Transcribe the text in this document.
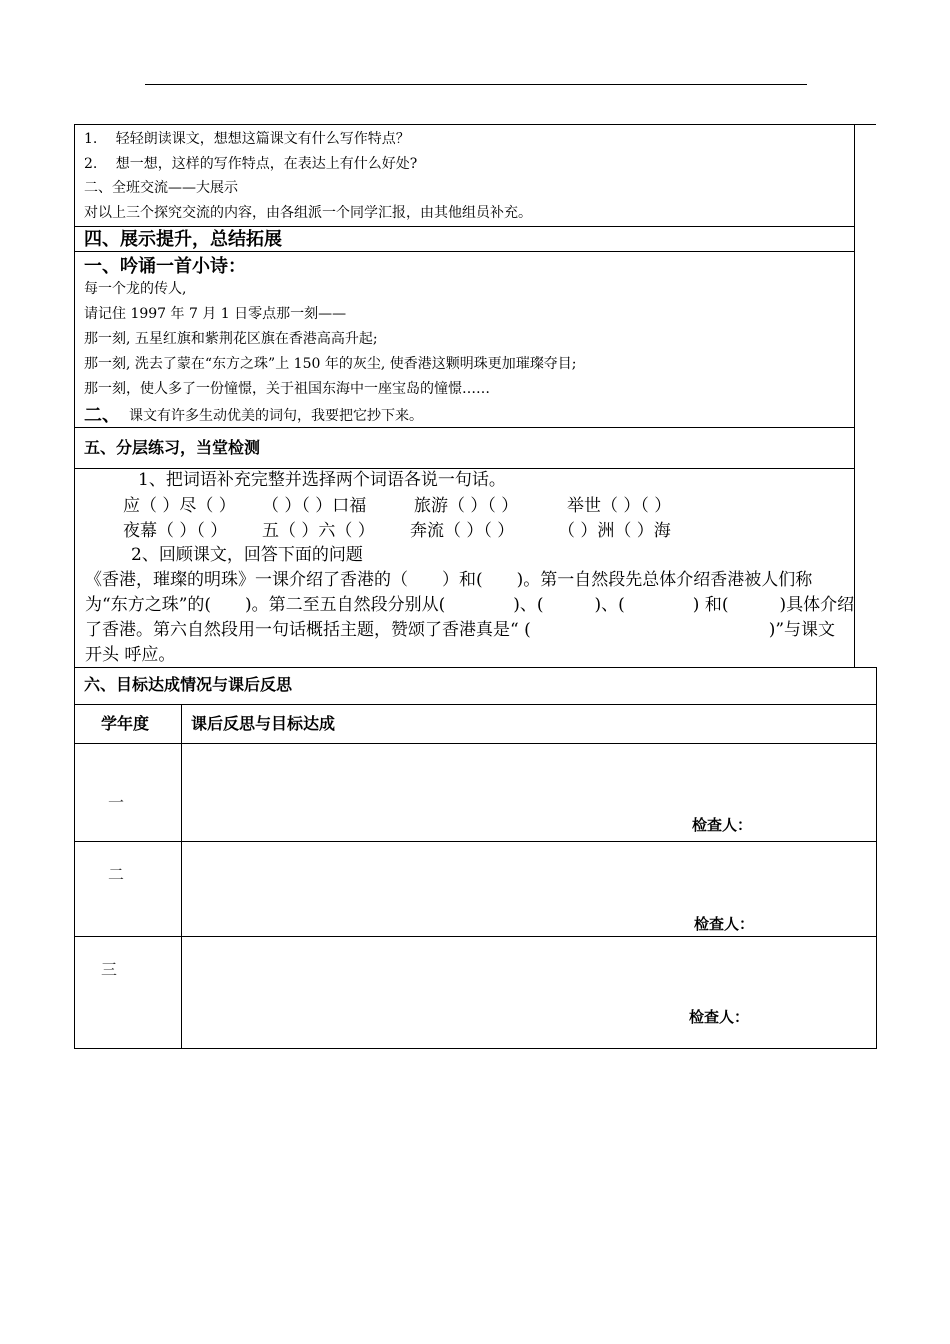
1.　 轻轻朗读课文，想想这篇课文有什么写作特点？
2.　 想一想，这样的写作特点，在表达上有什么好处?
二、全班交流——大展示
对以上三个探究交流的内容，由各组派一个同学汇报，由其他组员补充。
四、展示提升，总结拓展
一、吟诵一首小诗：
每一个龙的传人,
请记住 1997 年 7 月 1 日零点那一刻——
那一刻, 五星红旗和紫荆花区旗在香港高高升起;
那一刻, 洗去了蒙在“东方之珠”上 150 年的灰尘, 使香港这颗明珠更加璀璨夺目;
那一刻，使人多了一份憧憬，关于祖国东海中一座宝岛的憧憬……
二、 课文有许多生动优美的词句，我要把它抄下来。
五、分层练习，当堂检测
1、把词语补充完整并选择两个词语各说一句话。
应（ ）尽（ ） （ ）（ ）口福	旅游（ ）（ ）	举世（ ）（ ）
夜幕（ ）（ ） 五（ ）六（ ） 奔流（ ）（ ）	（ ）洲（ ）海
2、回顾课文，回答下面的问题
《香港，璀璨的明珠》一课介绍了香港的（　　）和(　　)。第一自然段先总体介绍香港被人们称
为“东方之珠”的(　　)。第二至五自然段分别从(　　　　)、(　　　)、(　　　　) 和(　　　)具体介绍
了香港。第六自然段用一句话概括主题，赞颂了香港真是“ (　　　　　　　　　　　　　　)”与课文
开头 呼应。
六、目标达成情况与课后反思
学年度	课后反思与目标达成
一
检查人：
二
检查人：
三
检查人：
